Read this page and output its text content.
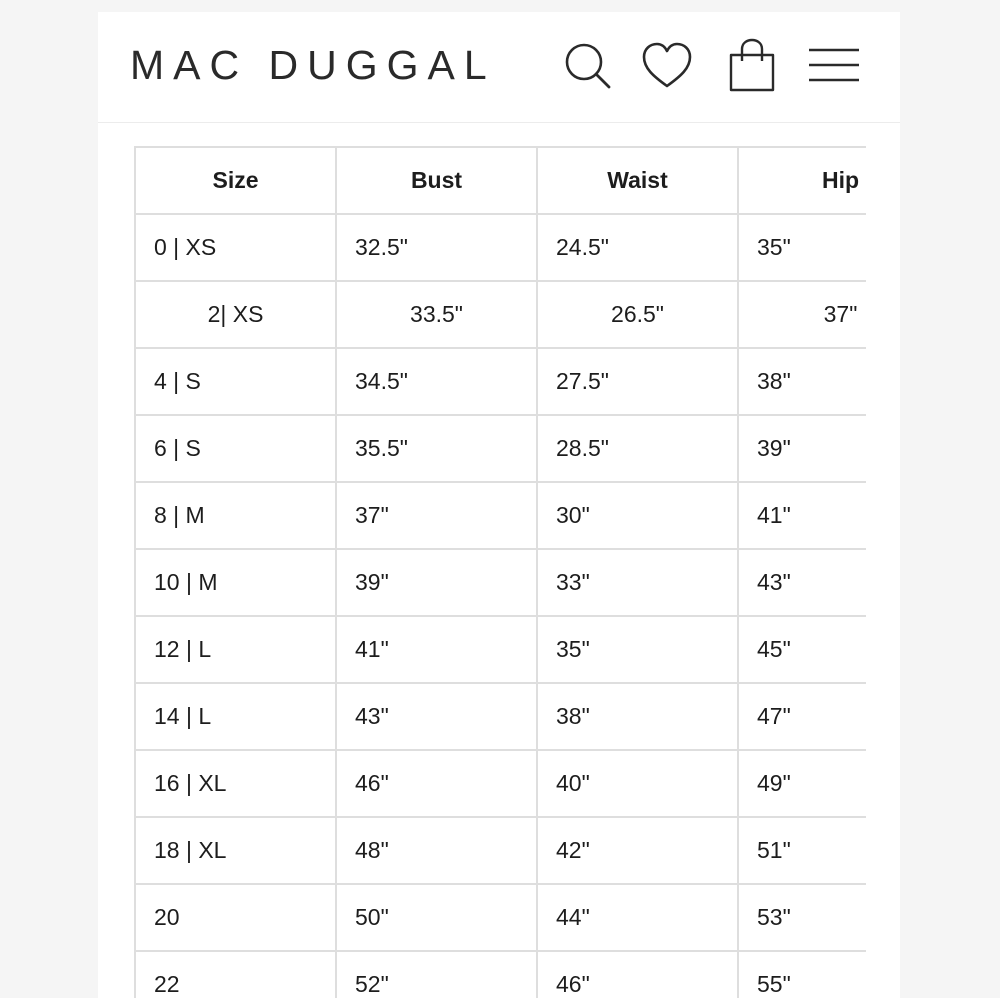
MAC DUGGAL
Size	Bust	Waist	Hip
0 | XS	32.5"	24.5"	35"
2| XS	33.5"	26.5"	37"
4 | S	34.5"	27.5"	38"
6 | S	35.5"	28.5"	39"
8 | M	37"	30"	41"
10 | M	39"	33"	43"
12 | L	41"	35"	45"
14 | L	43"	38"	47"
16 | XL	46"	40"	49"
18 | XL	48"	42"	51"
20	50"	44"	53"
22	52"	46"	55"
